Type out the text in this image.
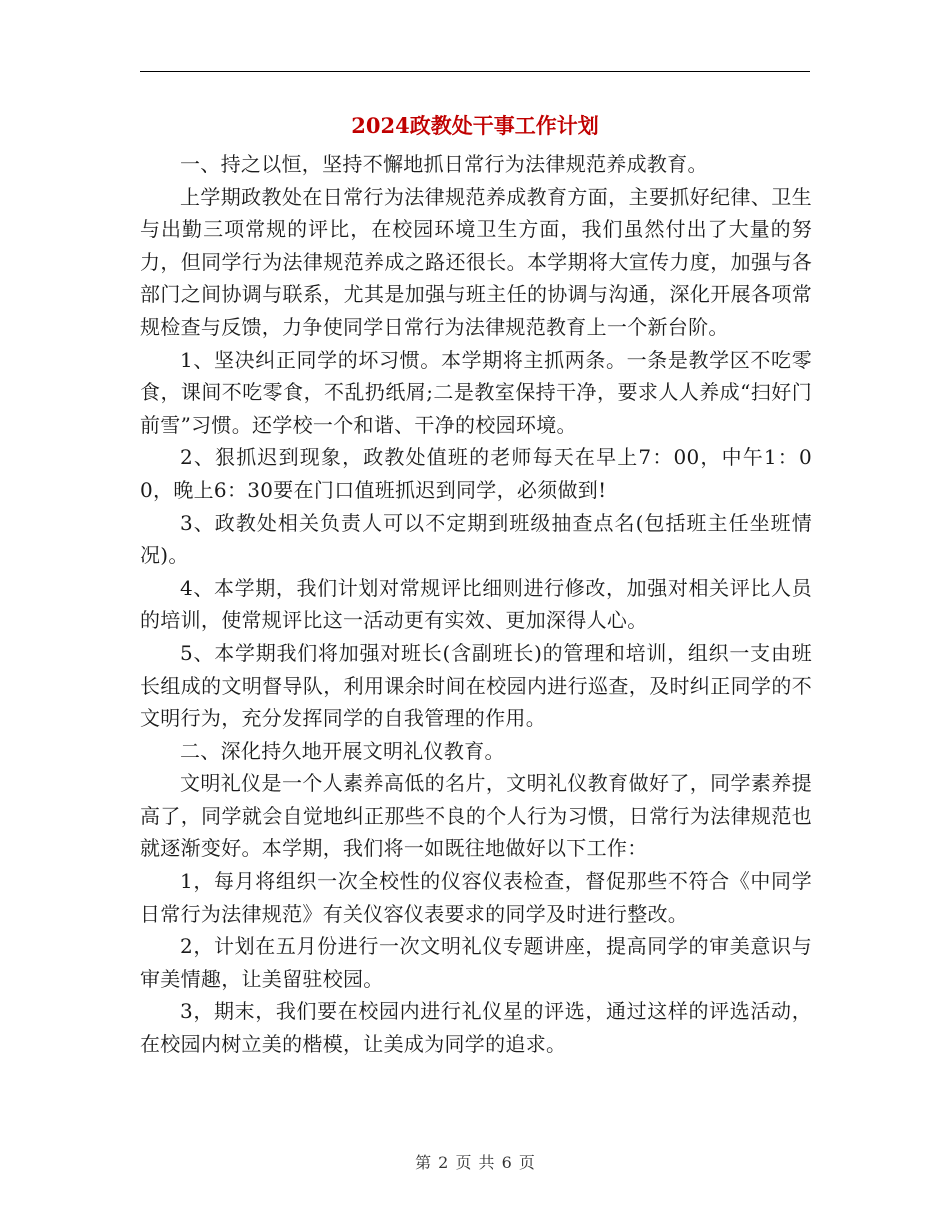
2024政教处干事工作计划

一、持之以恒，坚持不懈地抓日常行为法律规范养成教育。

上学期政教处在日常行为法律规范养成教育方面，主要抓好纪律、卫生与出勤三项常规的评比，在校园环境卫生方面，我们虽然付出了大量的努力，但同学行为法律规范养成之路还很长。本学期将大宣传力度，加强与各部门之间协调与联系，尤其是加强与班主任的协调与沟通，深化开展各项常规检查与反馈，力争使同学日常行为法律规范教育上一个新台阶。

1、坚决纠正同学的坏习惯。本学期将主抓两条。一条是教学区不吃零食，课间不吃零食，不乱扔纸屑;二是教室保持干净，要求人人养成“扫好门前雪”习惯。还学校一个和谐、干净的校园环境。

2、狠抓迟到现象，政教处值班的老师每天在早上7：00，中午1：00，晚上6：30要在门口值班抓迟到同学，必须做到!

3、政教处相关负责人可以不定期到班级抽查点名(包括班主任坐班情况)。

4、本学期，我们计划对常规评比细则进行修改，加强对相关评比人员的培训，使常规评比这一活动更有实效、更加深得人心。

5、本学期我们将加强对班长(含副班长)的管理和培训，组织一支由班长组成的文明督导队，利用课余时间在校园内进行巡查，及时纠正同学的不文明行为，充分发挥同学的自我管理的作用。

二、深化持久地开展文明礼仪教育。

文明礼仪是一个人素养高低的名片，文明礼仪教育做好了，同学素养提高了，同学就会自觉地纠正那些不良的个人行为习惯，日常行为法律规范也就逐渐变好。本学期，我们将一如既往地做好以下工作：

1，每月将组织一次全校性的仪容仪表检查，督促那些不符合《中同学日常行为法律规范》有关仪容仪表要求的同学及时进行整改。

2，计划在五月份进行一次文明礼仪专题讲座，提高同学的审美意识与审美情趣，让美留驻校园。

3，期末，我们要在校园内进行礼仪星的评选，通过这样的评选活动，在校园内树立美的楷模，让美成为同学的追求。

第 2 页 共 6 页
